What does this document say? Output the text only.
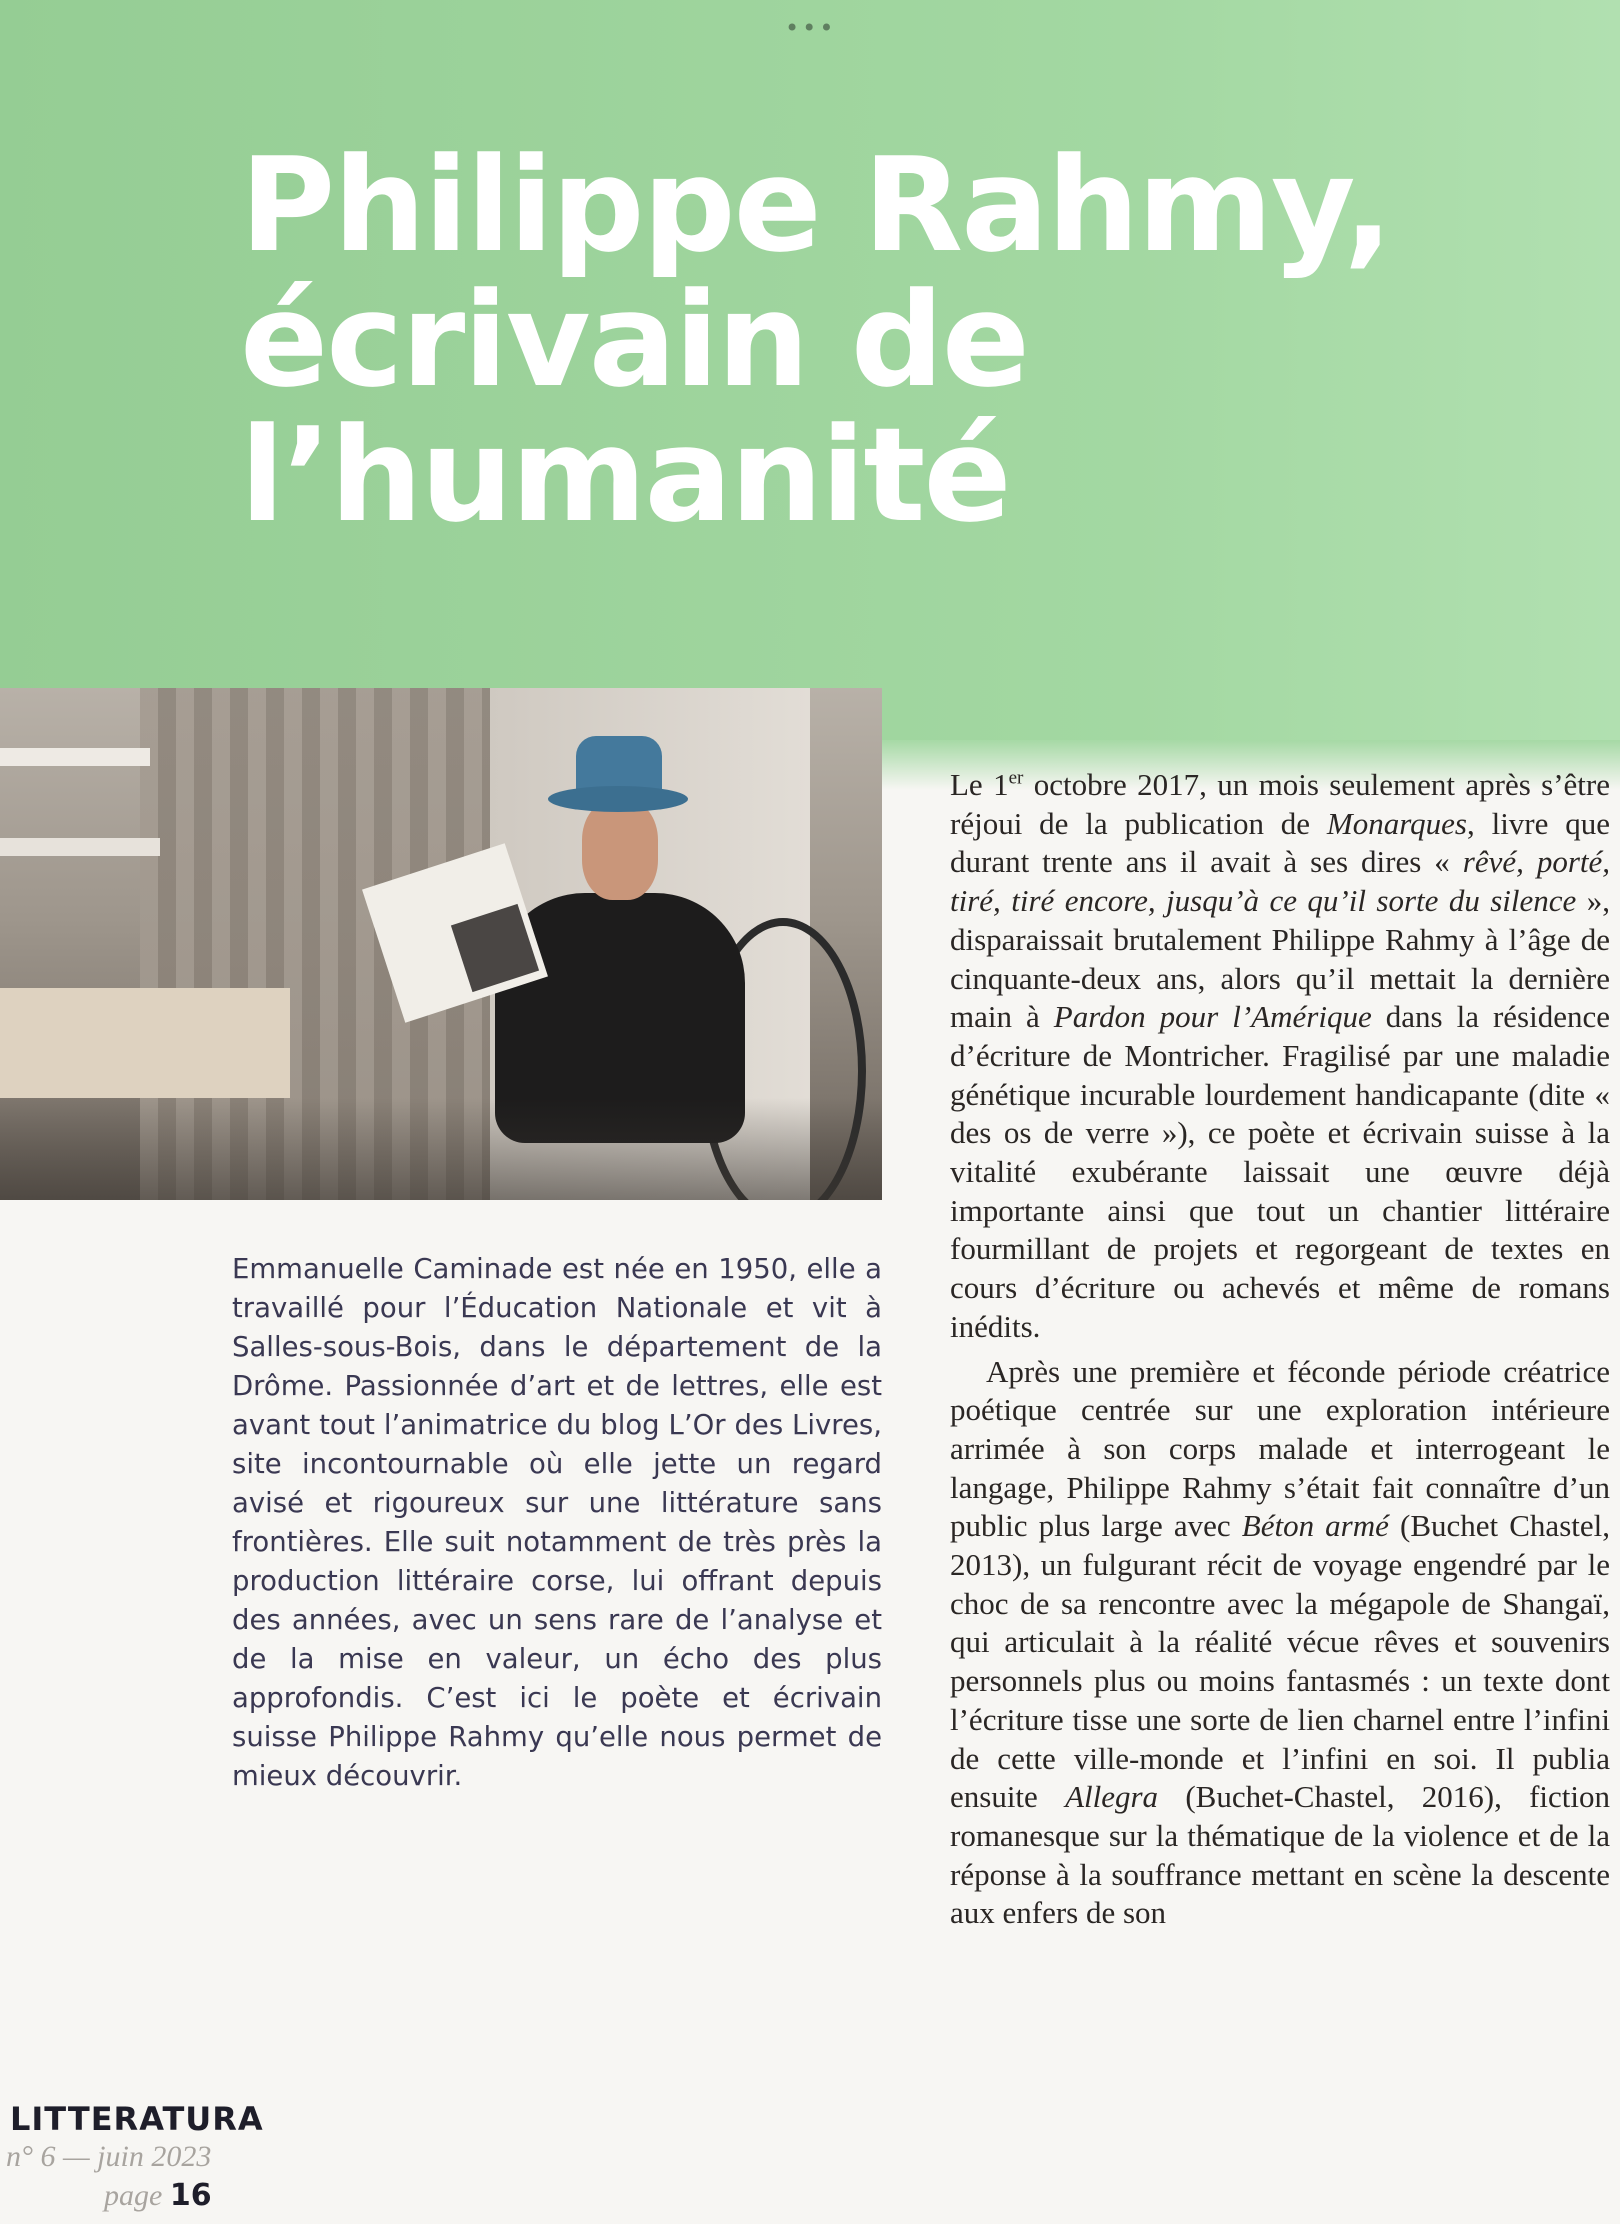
•••
Philippe Rahmy,
écrivain de
l’humanité
Emmanuelle Caminade est née en 1950, elle a travaillé pour l’Éducation Nationale et vit à Salles-sous-Bois, dans le département de la Drôme. Passionnée d’art et de lettres, elle est avant tout l’animatrice du blog L’Or des Livres, site incontournable où elle jette un regard avisé et rigoureux sur une littérature sans frontières. Elle suit notamment de très près la production littéraire corse, lui offrant depuis des années, avec un sens rare de l’analyse et de la mise en valeur, un écho des plus approfondis. C’est ici le poète et écrivain suisse Philippe Rahmy qu’elle nous permet de mieux découvrir.

Le 1er octobre 2017, un mois seulement après s’être réjoui de la publication de Monarques, livre que durant trente ans il avait à ses dires « rêvé, porté, tiré, tiré encore, jusqu’à ce qu’il sorte du silence », disparaissait brutalement Philippe Rahmy à l’âge de cinquante-deux ans, alors qu’il mettait la dernière main à Pardon pour l’Amérique dans la résidence d’écriture de Montricher. Fragilisé par une maladie génétique incurable lourdement handicapante (dite « des os de verre »), ce poète et écrivain suisse à la vitalité exubérante laissait une œuvre déjà importante ainsi que tout un chantier littéraire fourmillant de projets et regorgeant de textes en cours d’écriture ou achevés et même de romans inédits.

Après une première et féconde période créatrice poétique centrée sur une exploration intérieure arrimée à son corps malade et interrogeant le langage, Philippe Rahmy s’était fait connaître d’un public plus large avec Béton armé (Buchet Chastel, 2013), un fulgurant récit de voyage engendré par le choc de sa rencontre avec la mégapole de Shangaï, qui articulait à la réalité vécue rêves et souvenirs personnels plus ou moins fantasmés : un texte dont l’écriture tisse une sorte de lien charnel entre l’infini de cette ville-monde et l’infini en soi. Il publia ensuite Allegra (Buchet-Chastel, 2016), fiction romanesque sur la thématique de la violence et de la réponse à la souffrance mettant en scène la descente aux enfers de son

LITTERATURA
n° 6 — juin 2023
page 16
